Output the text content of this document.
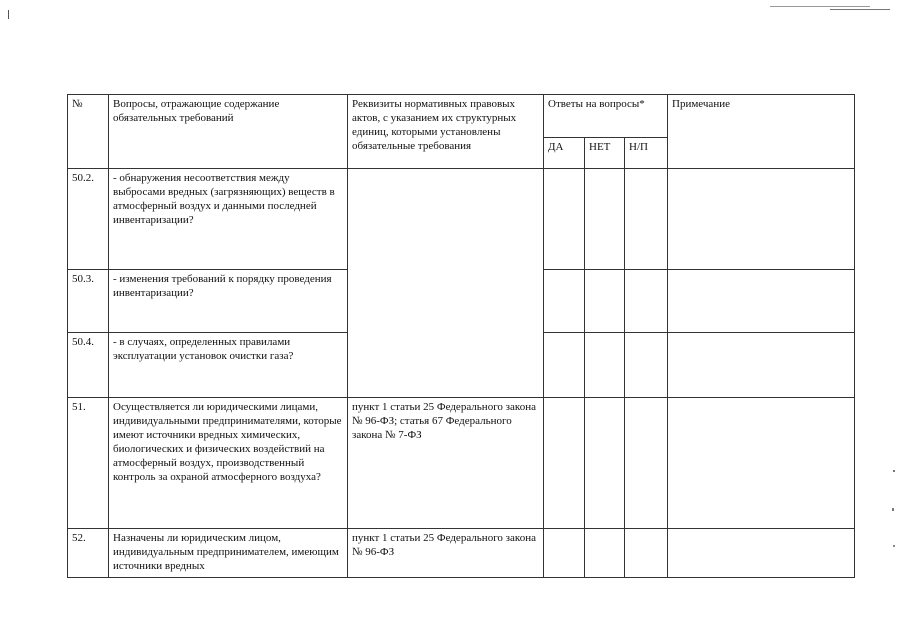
№	Вопросы, отражающие содержание обязательных требований	Реквизиты нормативных правовых актов, с указанием их структурных единиц, которыми установлены обязательные требования	Ответы на вопросы*			Примечание
			ДА	НЕТ	Н/П	
50.2.	- обнаружения несоответствия между выбросами вредных (загрязняющих) веществ в атмосферный воздух и данными последней инвентаризации?					
50.3.	- изменения требований к порядку проведения инвентаризации?					
50.4.	- в случаях, определенных правилами эксплуатации установок очистки газа?					
51.	Осуществляется ли юридическими лицами, индивидуальными предпринимателями, которые имеют источники вредных химических, биологических и физических воздействий на атмосферный воздух, производственный контроль за охраной атмосферного воздуха?	пункт 1 статьи 25 Федерального закона № 96-ФЗ; статья 67 Федерального закона № 7-ФЗ				
52.	Назначены ли юридическим лицом, индивидуальным предпринимателем, имеющим источники вредных	пункт 1 статьи 25 Федерального закона № 96-ФЗ				
